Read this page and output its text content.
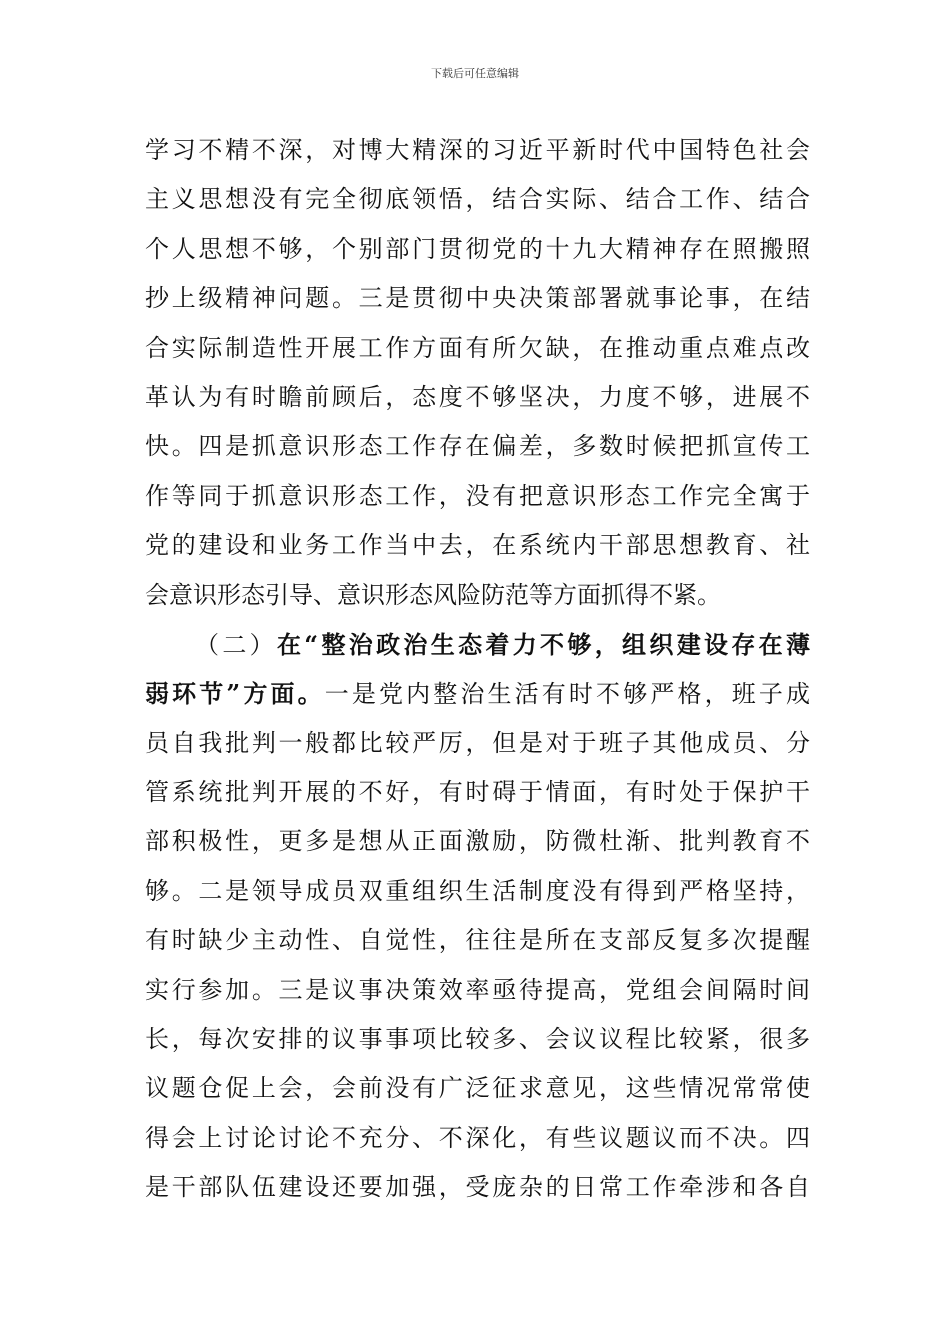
下载后可任意编辑
学习不精不深，对博大精深的习近平新时代中国特色社会
主义思想没有完全彻底领悟，结合实际、结合工作、结合
个人思想不够，个别部门贯彻党的十九大精神存在照搬照
抄上级精神问题。三是贯彻中央决策部署就事论事，在结
合实际制造性开展工作方面有所欠缺，在推动重点难点改
革认为有时瞻前顾后，态度不够坚决，力度不够，进展不
快。四是抓意识形态工作存在偏差，多数时候把抓宣传工
作等同于抓意识形态工作，没有把意识形态工作完全寓于
党的建设和业务工作当中去，在系统内干部思想教育、社
会意识形态引导、意识形态风险防范等方面抓得不紧。
（二）在“整治政治生态着力不够，组织建设存在薄
弱环节”方面。一是党内整治生活有时不够严格，班子成
员自我批判一般都比较严厉，但是对于班子其他成员、分
管系统批判开展的不好，有时碍于情面，有时处于保护干
部积极性，更多是想从正面激励，防微杜渐、批判教育不
够。二是领导成员双重组织生活制度没有得到严格坚持，
有时缺少主动性、自觉性，往往是所在支部反复多次提醒
实行参加。三是议事决策效率亟待提高，党组会间隔时间
长，每次安排的议事事项比较多、会议议程比较紧，很多
议题仓促上会，会前没有广泛征求意见，这些情况常常使
得会上讨论讨论不充分、不深化，有些议题议而不决。四
是干部队伍建设还要加强，受庞杂的日常工作牵涉和各自
